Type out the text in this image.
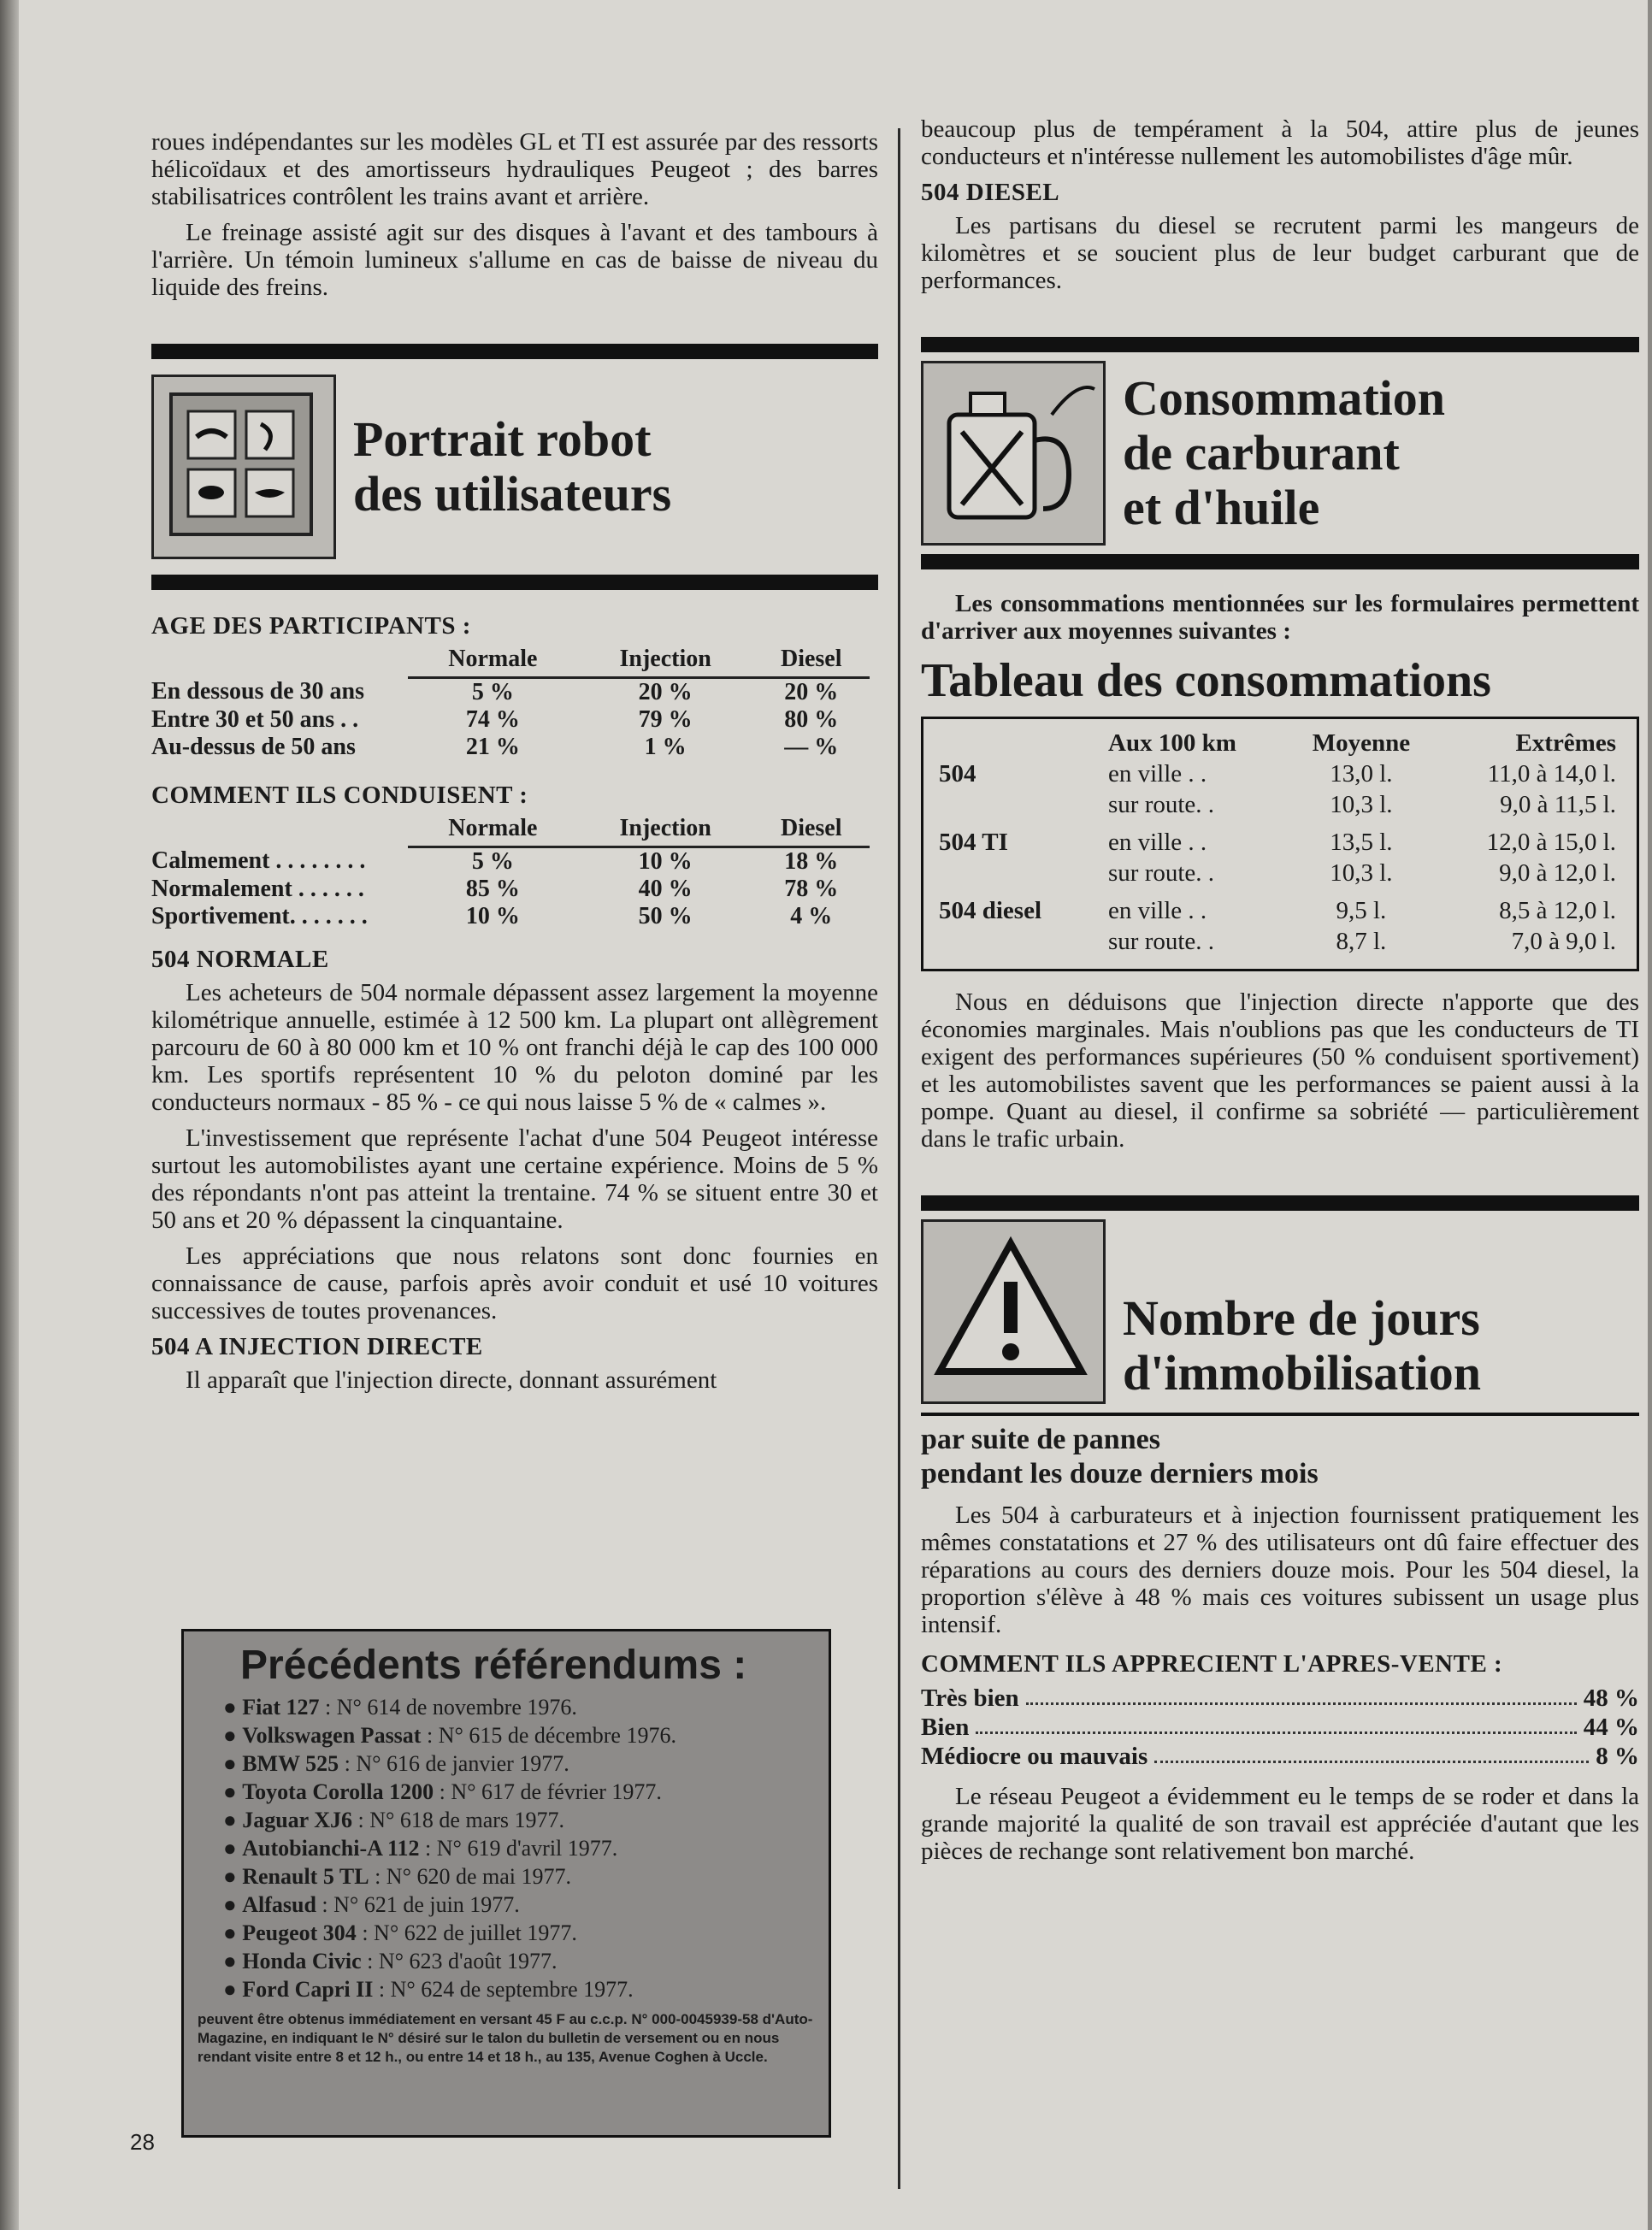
roues indépendantes sur les modèles GL et TI est assurée par des ressorts hélicoïdaux et des amortisseurs hydrauliques Peugeot ; des barres stabilisatrices contrôlent les trains avant et arrière.

Le freinage assisté agit sur des disques à l'avant et des tambours à l'arrière. Un témoin lumineux s'allume en cas de baisse de niveau du liquide des freins.

Portrait robot
des utilisateurs
AGE DES PARTICIPANTS :
	Normale	Injection	Diesel
En dessous de 30 ans	5 %	20 %	20 %
Entre 30 et 50 ans . .	74 %	79 %	80 %
Au-dessus de 50 ans	21 %	1 %	— %
COMMENT ILS CONDUISENT :
	Normale	Injection	Diesel
Calmement . . . . . . . .	5 %	10 %	18 %
Normalement . . . . . .	85 %	40 %	78 %
Sportivement. . . . . . .	10 %	50 %	4 %
504 NORMALE

Les acheteurs de 504 normale dépassent assez largement la moyenne kilométrique annuelle, estimée à 12 500 km. La plupart ont allègrement parcouru de 60 à 80 000 km et 10 % ont franchi déjà le cap des 100 000 km. Les sportifs représentent 10 % du peloton dominé par les conducteurs normaux - 85 % - ce qui nous laisse 5 % de « calmes ».

L'investissement que représente l'achat d'une 504 Peugeot intéresse surtout les automobilistes ayant une certaine expérience. Moins de 5 % des répondants n'ont pas atteint la trentaine. 74 % se situent entre 30 et 50 ans et 20 % dépassent la cinquantaine.

Les appréciations que nous relatons sont donc fournies en connaissance de cause, parfois après avoir conduit et usé 10 voitures successives de toutes provenances.

504 A INJECTION DIRECTE

Il apparaît que l'injection directe, donnant assurément

Précédents référendums :
● Fiat 127 : N° 614 de novembre 1976.
● Volkswagen Passat : N° 615 de décembre 1976.
● BMW 525 : N° 616 de janvier 1977.
● Toyota Corolla 1200 : N° 617 de février 1977.
● Jaguar XJ6 : N° 618 de mars 1977.
● Autobianchi-A 112 : N° 619 d'avril 1977.
● Renault 5 TL : N° 620 de mai 1977.
● Alfasud : N° 621 de juin 1977.
● Peugeot 304 : N° 622 de juillet 1977.
● Honda Civic : N° 623 d'août 1977.
● Ford Capri II : N° 624 de septembre 1977.
peuvent être obtenus immédiatement en versant 45 F au c.c.p. N° 000-0045939-58 d'Auto-Magazine, en indiquant le N° désiré sur le talon du bulletin de versement ou en nous rendant visite entre 8 et 12 h., ou entre 14 et 18 h., au 135, Avenue Coghen à Uccle.
28

beaucoup plus de tempérament à la 504, attire plus de jeunes conducteurs et n'intéresse nullement les automobilistes d'âge mûr.

504 DIESEL

Les partisans du diesel se recrutent parmi les mangeurs de kilomètres et se soucient plus de leur budget carburant que de performances.

Consommation
de carburant
et d'huile

Les consommations mentionnées sur les formulaires permettent d'arriver aux moyennes suivantes :

Tableau des consommations
	Aux 100 km	Moyenne	Extrêmes
504	en ville . .	13,0 l.	11,0 à 14,0 l.
	sur route. .	10,3 l.	9,0 à 11,5 l.
504 TI	en ville . .	13,5 l.	12,0 à 15,0 l.
	sur route. .	10,3 l.	9,0 à 12,0 l.
504 diesel	en ville . .	9,5 l.	8,5 à 12,0 l.
	sur route. .	8,7 l.	7,0 à 9,0 l.

Nous en déduisons que l'injection directe n'apporte que des économies marginales. Mais n'oublions pas que les conducteurs de TI exigent des performances supérieures (50 % conduisent sportivement) et les automobilistes savent que les performances se paient aussi à la pompe. Quant au diesel, il confirme sa sobriété — particulièrement dans le trafic urbain.

Nombre de jours
d'immobilisation
par suite de pannes
pendant les douze derniers mois

Les 504 à carburateurs et à injection fournissent pratiquement les mêmes constatations et 27 % des utilisateurs ont dû faire effectuer des réparations au cours des derniers douze mois. Pour les 504 diesel, la proportion s'élève à 48 % mais ces voitures subissent un usage plus intensif.

COMMENT ILS APPRECIENT L'APRES-VENTE :
Très bien	48 %
Bien	44 %
Médiocre ou mauvais	8 %

Le réseau Peugeot a évidemment eu le temps de se roder et dans la grande majorité la qualité de son travail est appréciée d'autant que les pièces de rechange sont relativement bon marché.
